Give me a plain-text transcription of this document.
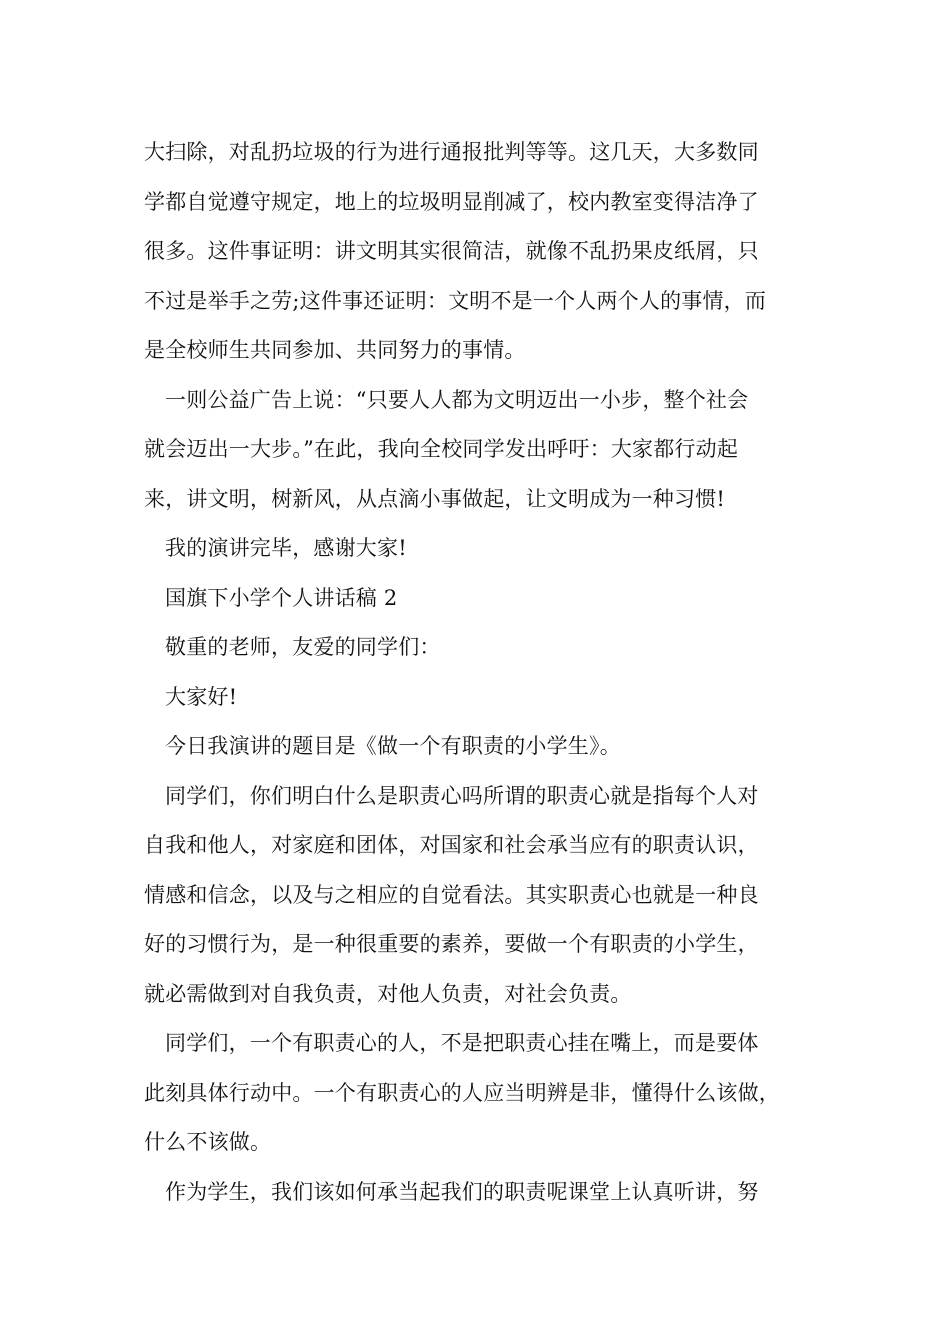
大扫除，对乱扔垃圾的行为进行通报批判等等。这几天，大多数同
学都自觉遵守规定，地上的垃圾明显削减了，校内教室变得洁净了
很多。这件事证明：讲文明其实很简洁，就像不乱扔果皮纸屑，只
不过是举手之劳;这件事还证明：文明不是一个人两个人的事情，而
是全校师生共同参加、共同努力的事情。
一则公益广告上说：“只要人人都为文明迈出一小步，整个社会
就会迈出一大步。”在此，我向全校同学发出呼吁：大家都行动起
来，讲文明，树新风，从点滴小事做起，让文明成为一种习惯!
我的演讲完毕，感谢大家!
国旗下小学个人讲话稿 2
敬重的老师，友爱的同学们：
大家好!
今日我演讲的题目是《做一个有职责的小学生》。
同学们，你们明白什么是职责心吗所谓的职责心就是指每个人对
自我和他人，对家庭和团体，对国家和社会承当应有的职责认识，
情感和信念，以及与之相应的自觉看法。其实职责心也就是一种良
好的习惯行为，是一种很重要的素养，要做一个有职责的小学生，
就必需做到对自我负责，对他人负责，对社会负责。
同学们，一个有职责心的人，不是把职责心挂在嘴上，而是要体
此刻具体行动中。一个有职责心的人应当明辨是非，懂得什么该做，
什么不该做。
作为学生，我们该如何承当起我们的职责呢课堂上认真听讲，努
